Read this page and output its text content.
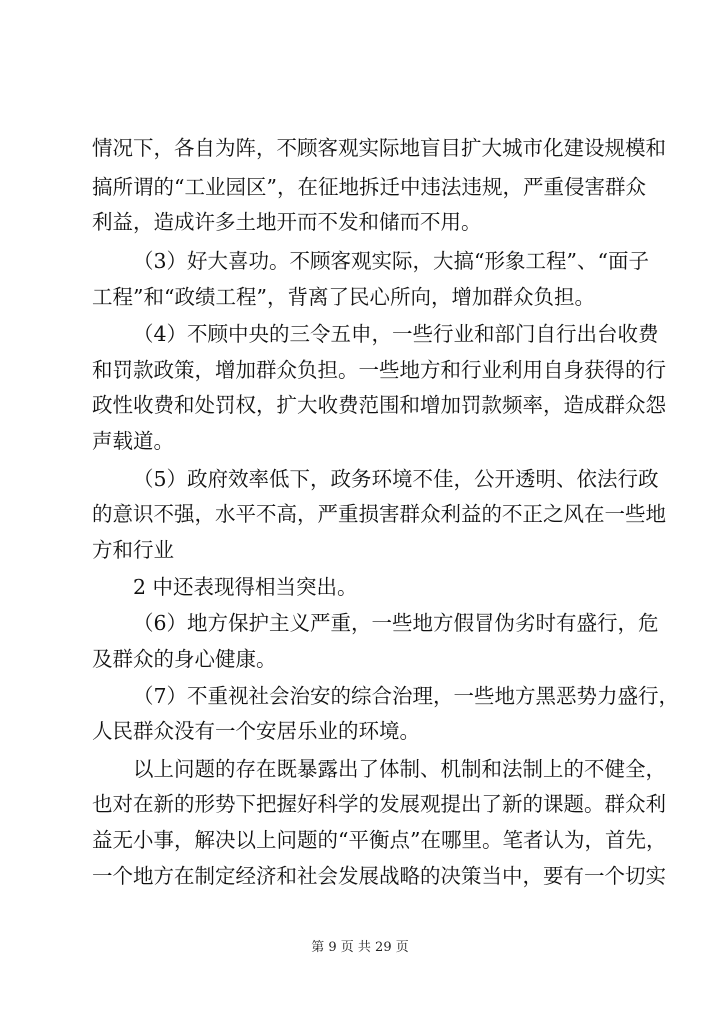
情况下，各自为阵，不顾客观实际地盲目扩大城市化建设规模和
搞所谓的“工业园区”，在征地拆迁中违法违规，严重侵害群众
利益，造成许多土地开而不发和储而不用。
（3）好大喜功。不顾客观实际，大搞“形象工程”、“面子
工程”和“政绩工程”，背离了民心所向，增加群众负担。
（4）不顾中央的三令五申，一些行业和部门自行出台收费
和罚款政策，增加群众负担。一些地方和行业利用自身获得的行
政性收费和处罚权，扩大收费范围和增加罚款频率，造成群众怨
声载道。
（5）政府效率低下，政务环境不佳，公开透明、依法行政
的意识不强，水平不高，严重损害群众利益的不正之风在一些地
方和行业
2 中还表现得相当突出。
（6）地方保护主义严重，一些地方假冒伪劣时有盛行，危
及群众的身心健康。
（7）不重视社会治安的综合治理，一些地方黑恶势力盛行，
人民群众没有一个安居乐业的环境。
以上问题的存在既暴露出了体制、机制和法制上的不健全，
也对在新的形势下把握好科学的发展观提出了新的课题。群众利
益无小事，解决以上问题的“平衡点”在哪里。笔者认为，首先，
一个地方在制定经济和社会发展战略的决策当中，要有一个切实
第 9 页 共 29 页
